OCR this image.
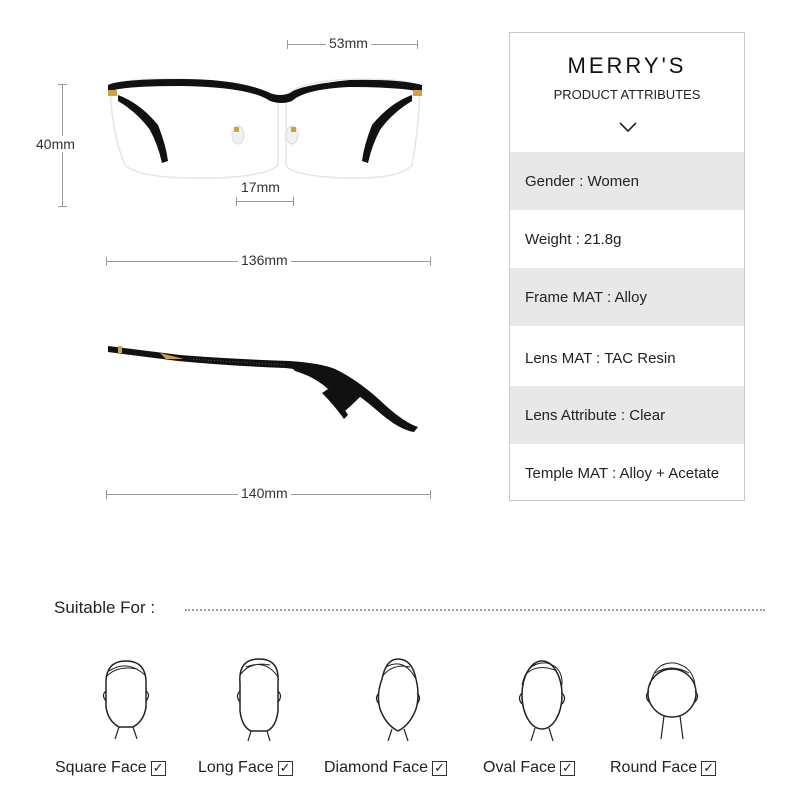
53mm
40mm
17mm
136mm
140mm
MERRY'S
PRODUCT ATTRIBUTES
Gender : Women
Weight : 21.8g
Frame MAT : Alloy
Lens MAT : TAC Resin
Lens Attribute : Clear
Temple MAT : Alloy + Acetate
Suitable For :
Square Face ✓ Long Face ✓ Diamond Face ✓ Oval Face ✓ Round Face ✓
